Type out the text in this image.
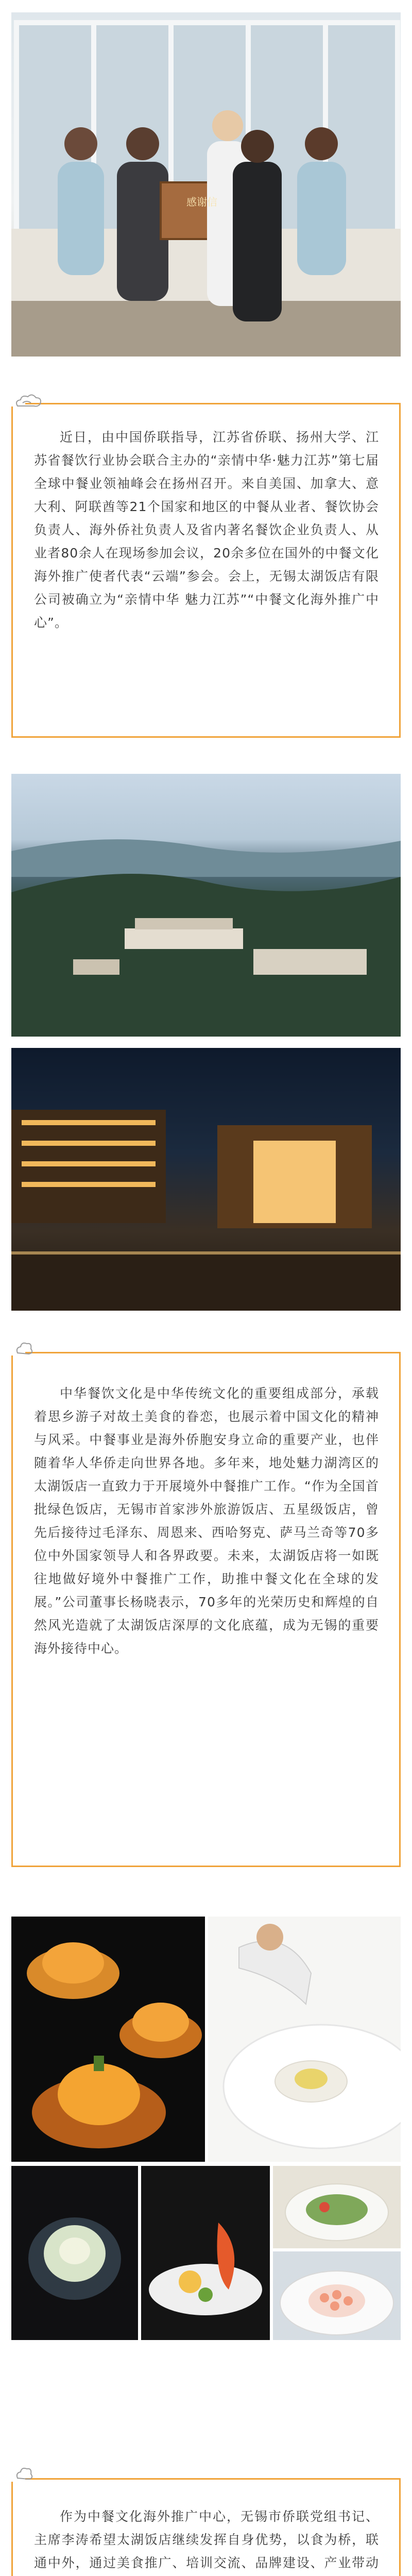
感谢信

近日，由中国侨联指导，江苏省侨联、扬州大学、江苏省餐饮行业协会联合主办的“亲情中华·魅力江苏”第七届全球中餐业领袖峰会在扬州召开。来自美国、加拿大、意大利、阿联酋等21个国家和地区的中餐从业者、餐饮协会负责人、海外侨社负责人及省内著名餐饮企业负责人、从业者80余人在现场参加会议，20余多位在国外的中餐文化海外推广使者代表“云端”参会。会上，无锡太湖饭店有限公司被确立为“亲情中华 魅力江苏”“中餐文化海外推广中心”。

中华餐饮文化是中华传统文化的重要组成部分，承载着思乡游子对故土美食的眷恋，也展示着中国文化的精神与风采。中餐事业是海外侨胞安身立命的重要产业，也伴随着华人华侨走向世界各地。多年来，地处魅力湖湾区的太湖饭店一直致力于开展境外中餐推广工作。“作为全国首批绿色饭店，无锡市首家涉外旅游饭店、五星级饭店，曾先后接待过毛泽东、周恩来、西哈努克、萨马兰奇等70多位中外国家领导人和各界政要。未来，太湖饭店将一如既往地做好境外中餐推广工作，助推中餐文化在全球的发展。”公司董事长杨晓表示，70多年的光荣历史和辉煌的自然风光造就了太湖饭店深厚的文化底蕴，成为无锡的重要海外接待中心。

作为中餐文化海外推广中心，无锡市侨联党组书记、主席李涛希望太湖饭店继续发挥自身优势，以食为桥，联通中外，通过美食推广、培训交流、品牌建设、产业带动
